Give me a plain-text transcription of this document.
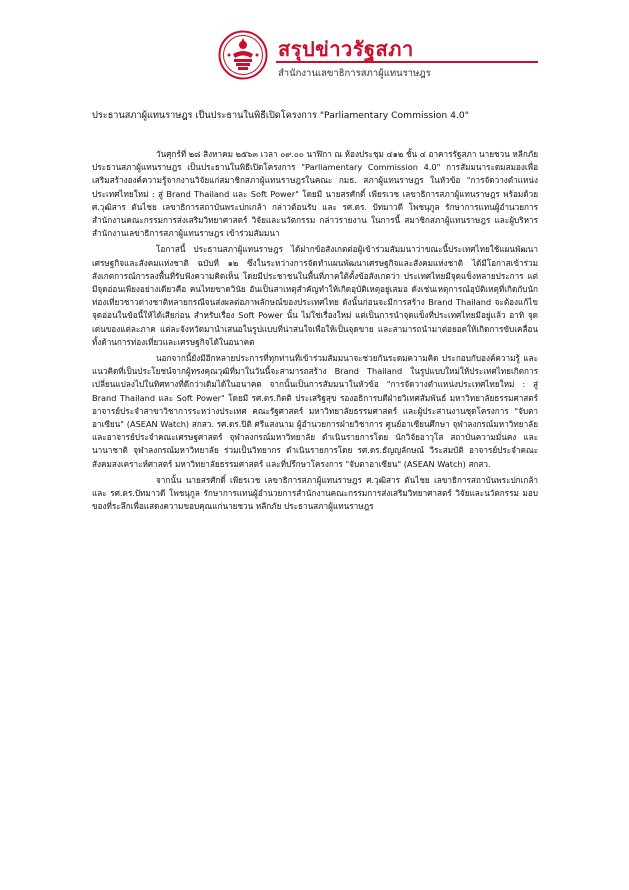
สรุปข่าวรัฐสภา
สำนักงานเลขาธิการสภาผู้แทนราษฎร
ประธานสภาผู้แทนราษฎร เป็นประธานในพิธีเปิดโครงการ "Parliamentary Commission 4.0"

วันศุกร์ที่ ๒๘ สิงหาคม ๒๕๖๓ เวลา ๐๙.๐๐ นาฬิกา ณ ห้องประชุม ๔๑๒ ชั้น ๔ อาคารรัฐสภา นายชวน หลีกภัย ประธานสภาผู้แทนราษฎร เป็นประธานในพิธีเปิดโครงการ "Parliamentary Commission 4.0" การสัมมนาระดมสมองเพื่อเสริมสร้างองค์ความรู้จากงานวิจัยแก่สมาชิกสภาผู้แทนราษฎรในคณะ กมธ. สภาผู้แทนราษฎร ในหัวข้อ "การจัดวางตำแหน่งประเทศไทยใหม่ : สู่ Brand Thailand และ Soft Power" โดยมี นายสรศักดิ์ เพียรเวช เลขาธิการสภาผู้แทนราษฎร พร้อมด้วย ศ.วุฒิสาร ตันไชย เลขาธิการสถาบันพระปกเกล้า กล่าวต้อนรับ และ รศ.ดร. ปัทมาวดี โพชนุกูล รักษาการแทนผู้อำนวยการสำนักงานคณะกรรมการส่งเสริมวิทยาศาสตร์ วิจัยและนวัตกรรม กล่าวรายงาน ในการนี้ สมาชิกสภาผู้แทนราษฎร และผู้บริหารสำนักงานเลขาธิการสภาผู้แทนราษฎร เข้าร่วมสัมมนา

โอกาสนี้ ประธานสภาผู้แทนราษฎร ได้ฝากข้อสังเกตต่อผู้เข้าร่วมสัมมนาว่าขณะนี้ประเทศไทยใช้แผนพัฒนาเศรษฐกิจและสังคมแห่งชาติ ฉบับที่ ๑๒ ซึ่งในระหว่างการจัดทำแผนพัฒนาเศรษฐกิจและสังคมแห่งชาติ ได้มีโอกาสเข้าร่วมสังเกตการณ์การลงพื้นที่รับฟังความคิดเห็น โดยมีประชาชนในพื้นที่ภาคใต้ตั้งข้อสังเกตว่า ประเทศไทยมีจุดแข็งหลายประการ แต่มีจุดอ่อนเพียงอย่างเดียวคือ คนไทยขาดวินัย อันเป็นสาเหตุสำคัญทำให้เกิดอุบัติเหตุอยู่เสมอ ดังเช่นเหตุการณ์อุบัติเหตุที่เกิดกับนักท่องเที่ยวชาวต่างชาติหลายกรณีจนส่งผลต่อภาพลักษณ์ของประเทศไทย ดังนั้นก่อนจะมีการสร้าง Brand Thailand จะต้องแก้ไขจุดอ่อนในข้อนี้ให้ได้เสียก่อน สำหรับเรื่อง Soft Power นั้น ไม่ใช่เรื่องใหม่ แต่เป็นการนำจุดแข็งที่ประเทศไทยมีอยู่แล้ว อาทิ จุดเด่นของแต่ละภาค แต่ละจังหวัดมานำเสนอในรูปแบบที่น่าสนใจเพื่อให้เป็นจุดขาย และสามารถนำมาต่อยอดให้เกิดการขับเคลื่อน ทั้งด้านการท่องเที่ยวและเศรษฐกิจได้ในอนาคต

นอกจากนี้ยังมีอีกหลายประการที่ทุกท่านที่เข้าร่วมสัมมนาจะช่วยกันระดมความคิด ประกอบกับองค์ความรู้ และแนวคิดที่เป็นประโยชน์จากผู้ทรงคุณวุฒิที่มาในวันนี้จะสามารถสร้าง Brand Thailand ในรูปแบบใหม่ให้ประเทศไทยเกิดการเปลี่ยนแปลงไปในทิศทางที่ดีกว่าเดิมได้ในอนาคต จากนั้นเป็นการสัมมนาในหัวข้อ "การจัดวางตำแหน่งประเทศไทยใหม่ : สู่ Brand Thailand และ Soft Power" โดยมี รศ.ดร.กิตติ ประเสริฐสุข รองอธิการบดีฝ่ายวิเทศสัมพันธ์ มหาวิทยาลัยธรรมศาสตร์ อาจารย์ประจำสาขาวิชาการระหว่างประเทศ คณะรัฐศาสตร์ มหาวิทยาลัยธรรมศาสตร์ และผู้ประสานงานชุดโครงการ "จับตาอาเซียน" (ASEAN Watch) สกสว. รศ.ดร.ปิติ ศรีแสงนาม ผู้อำนวยการฝ่ายวิชาการ ศูนย์อาเซียนศึกษา จุฬาลงกรณ์มหาวิทยาลัย และอาจารย์ประจำคณะเศรษฐศาสตร์ จุฬาลงกรณ์มหาวิทยาลัย ดำเนินรายการโดย นักวิจัยอาวุโส สถาบันความมั่นคง และนานาชาติ จุฬาลงกรณ์มหาวิทยาลัย ร่วมเป็นวิทยากร ดำเนินรายการโดย รศ.ดร.ธัญญลักษณ์ วีระสมบัติ อาจารย์ประจำคณะสังคมสงเคราะห์ศาสตร์ มหาวิทยาลัยธรรมศาสตร์ และที่ปรึกษาโครงการ "จับตาอาเซียน" (ASEAN Watch) สกสว.

จากนั้น นายสรศักดิ์ เพียรเวช เลขาธิการสภาผู้แทนราษฎร ศ.วุฒิสาร ตันไชย เลขาธิการสถาบันพระปกเกล้า และ รศ.ดร.ปัทมาวดี โพชนุกูล รักษาการแทนผู้อำนวยการสำนักงานคณะกรรมการส่งเสริมวิทยาศาสตร์ วิจัยและนวัตกรรม มอบของที่ระลึกเพื่อแสดงความขอบคุณแก่นายชวน หลีกภัย ประธานสภาผู้แทนราษฎร
